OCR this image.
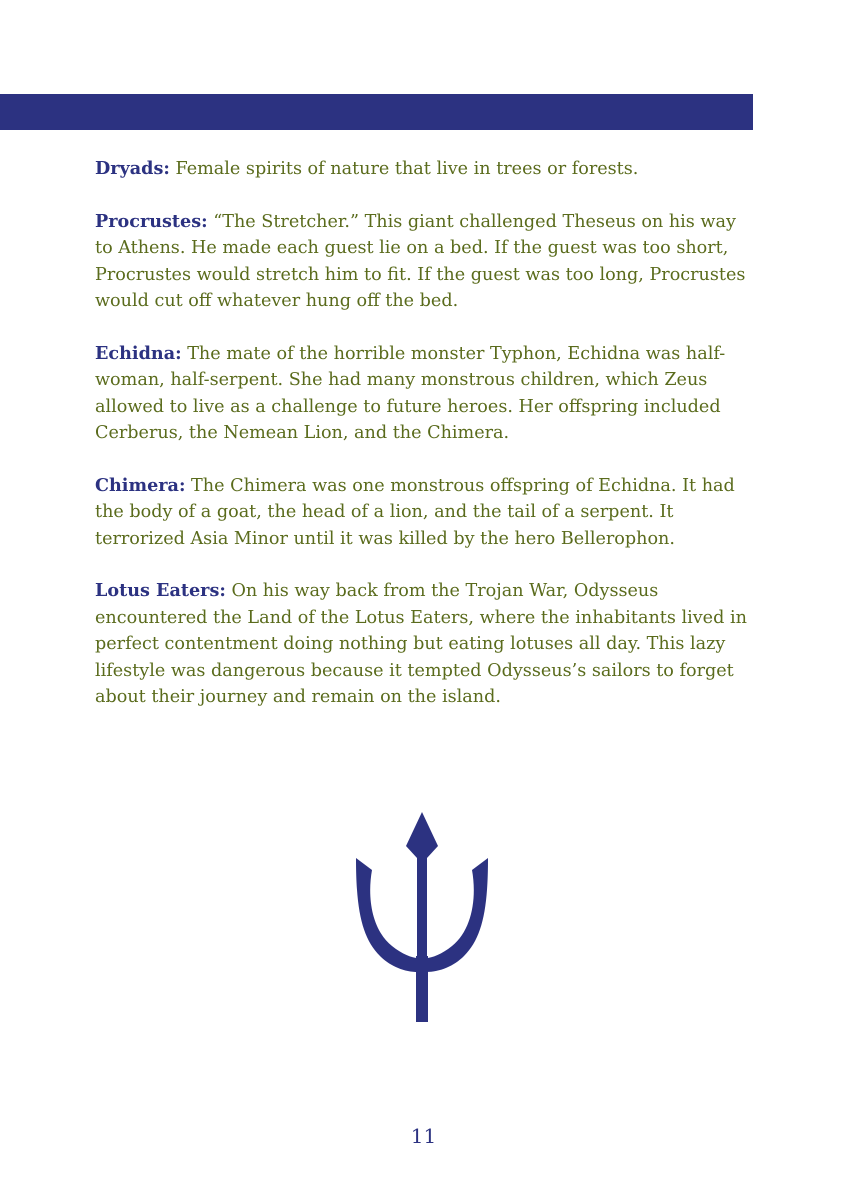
Dryads: Female spirits of nature that live in trees or forests.

Procrustes: “The Stretcher.” This giant challenged Theseus on his way to Athens. He made each guest lie on a bed. If the guest was too short, Procrustes would stretch him to fit. If the guest was too long, Procrustes would cut off whatever hung off the bed.

Echidna: The mate of the horrible monster Typhon, Echidna was half-woman, half-serpent. She had many monstrous children, which Zeus allowed to live as a challenge to future heroes. Her offspring included Cerberus, the Nemean Lion, and the Chimera.

Chimera: The Chimera was one monstrous offspring of Echidna. It had the body of a goat, the head of a lion, and the tail of a serpent. It terrorized Asia Minor until it was killed by the hero Bellerophon.

Lotus Eaters: On his way back from the Trojan War, Odysseus encountered the Land of the Lotus Eaters, where the inhabitants lived in perfect contentment doing nothing but eating lotuses all day. This lazy lifestyle was dangerous because it tempted Odysseus’s sailors to forget about their journey and remain on the island.

11
